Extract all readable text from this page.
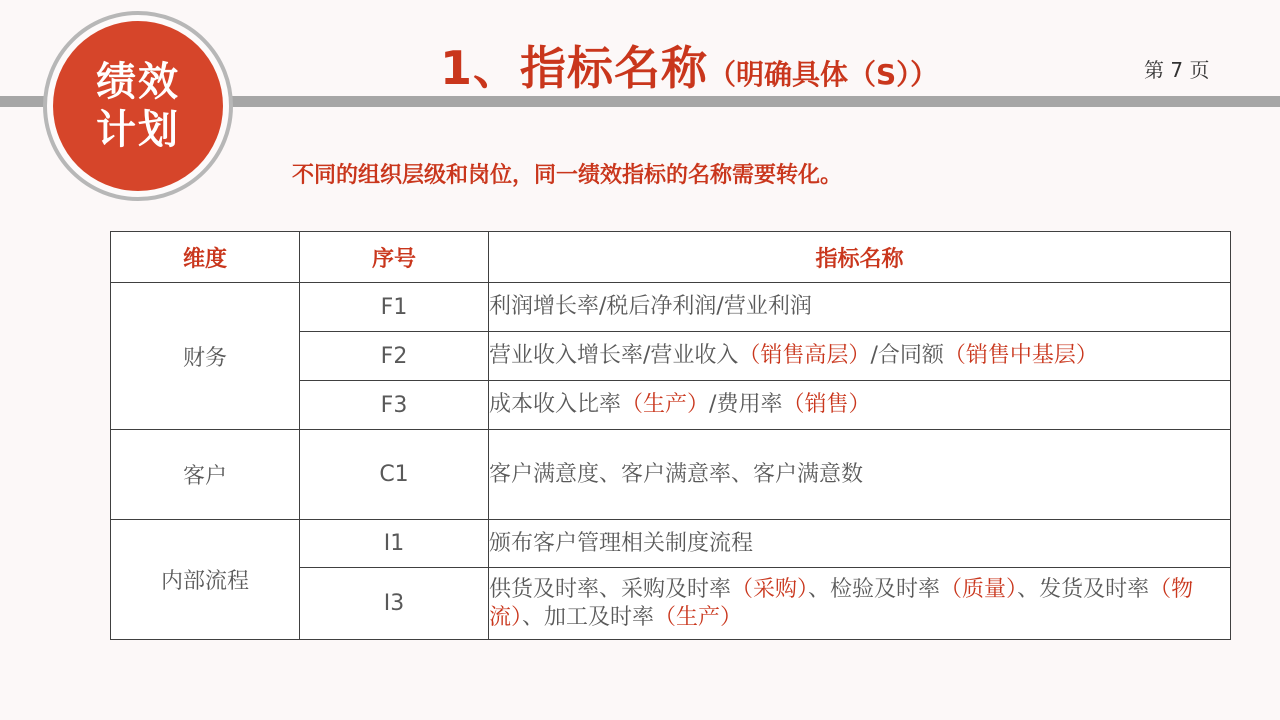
绩效
计划
1、指标名称 （明确具体（S））	第 7 页
不同的组织层级和岗位，同一绩效指标的名称需要转化。
维度	序号	指标名称
财务	F1	利润增长率/税后净利润/营业利润
	F2	营业收入增长率/营业收入（销售高层）/合同额（销售中基层）
	F3	成本收入比率（生产）/费用率（销售）
客户	C1	客户满意度、客户满意率、客户满意数
内部流程	I1	颁布客户管理相关制度流程
	I3	供货及时率、采购及时率（采购）、检验及时率（质量）、发货及时率（物流）、加工及时率（生产）
